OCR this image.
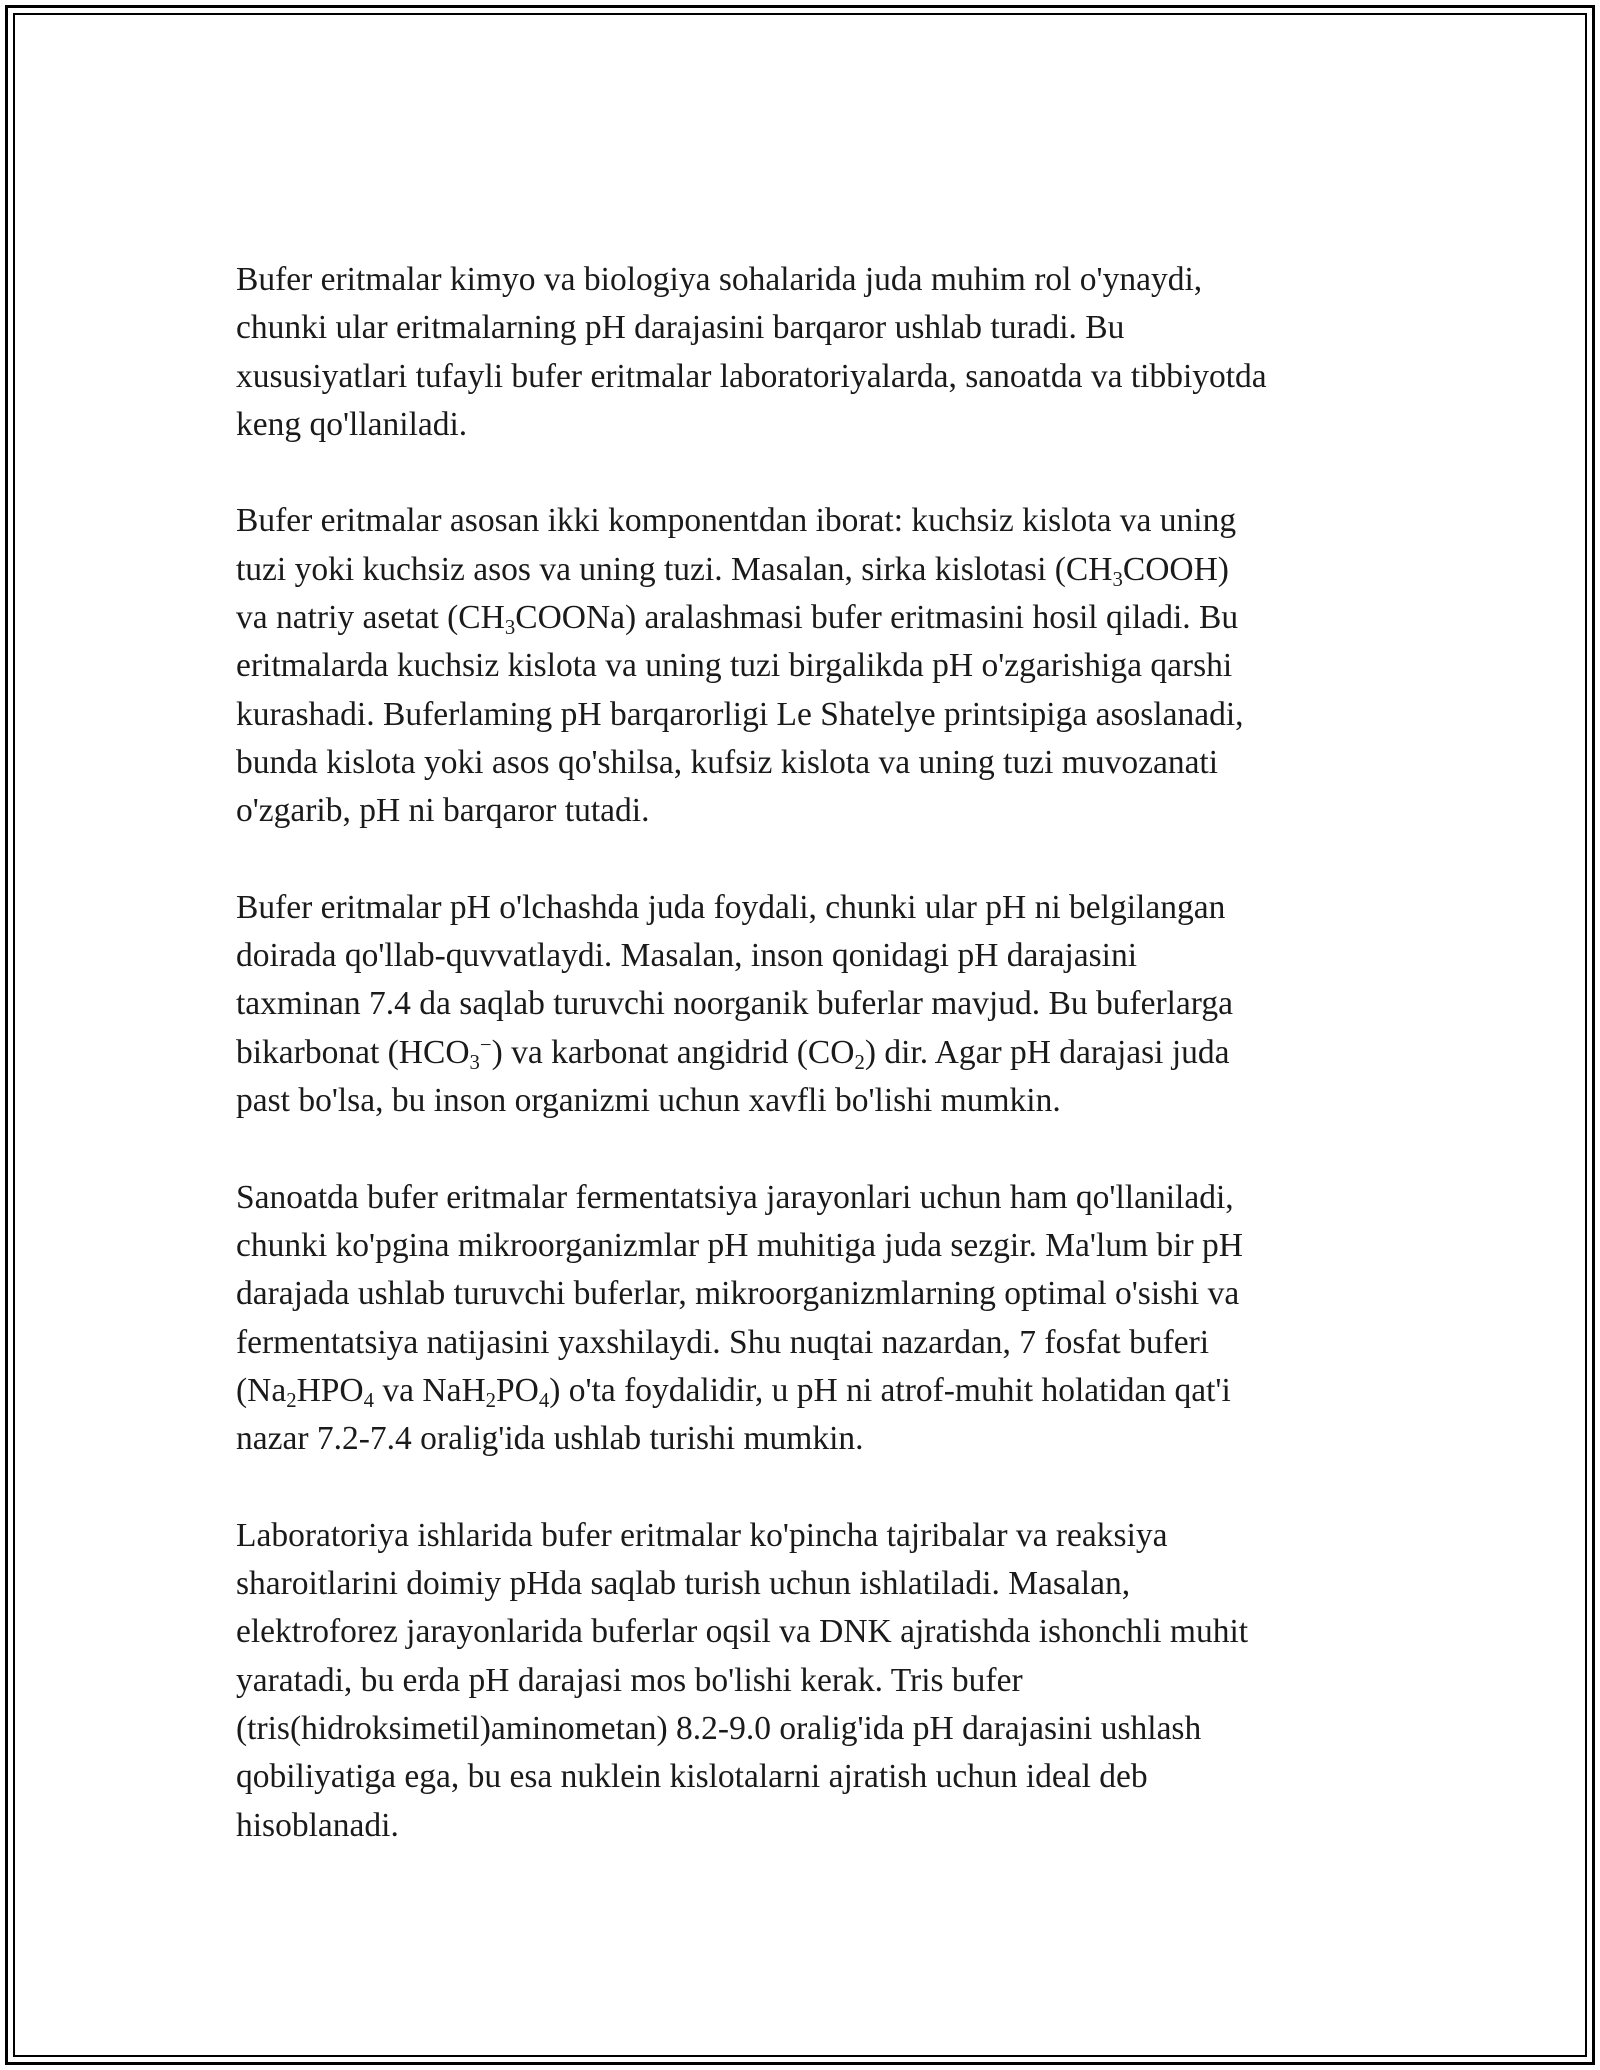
Bufer eritmalar kimyo va biologiya sohalarida juda muhim rol o'ynaydi,
chunki ular eritmalarning pH darajasini barqaror ushlab turadi. Bu
xususiyatlari tufayli bufer eritmalar laboratoriyalarda, sanoatda va tibbiyotda
keng qo'llaniladi.

Bufer eritmalar asosan ikki komponentdan iborat: kuchsiz kislota va uning
tuzi yoki kuchsiz asos va uning tuzi. Masalan, sirka kislotasi $(CH_3COOH)$
va natriy asetat $(CH_3COONa)$ aralashmasi bufer eritmasini hosil qiladi. Bu
eritmalarda kuchsiz kislota va uning tuzi birgalikda pH o'zgarishiga qarshi
kurashadi. Buferlaming pH barqarorligi Le Shatelye printsipiga asoslanadi,
bunda kislota yoki asos qo'shilsa, kufsiz kislota va uning tuzi muvozanati
o'zgarib, pH ni barqaror tutadi.

Bufer eritmalar pH o'lchashda juda foydali, chunki ular pH ni belgilangan
doirada qo'llab-quvvatlaydi. Masalan, inson qonidagi pH darajasini
taxminan 7.4 da saqlab turuvchi noorganik buferlar mavjud. Bu buferlarga
bikarbonat $(HCO_3^-)$ va karbonat angidrid $(CO_2)$ dir. Agar pH darajasi juda
past bo'lsa, bu inson organizmi uchun xavfli bo'lishi mumkin.

Sanoatda bufer eritmalar fermentatsiya jarayonlari uchun ham qo'llaniladi,
chunki ko'pgina mikroorganizmlar pH muhitiga juda sezgir. Ma'lum bir pH
darajada ushlab turuvchi buferlar, mikroorganizmlarning optimal o'sishi va
fermentatsiya natijasini yaxshilaydi. Shu nuqtai nazardan, 7 fosfat buferi
($Na_2HPO_4$ va $NaH_2PO_4$) o'ta foydalidir, u pH ni atrof-muhit holatidan qat'i
nazar 7.2-7.4 oralig'ida ushlab turishi mumkin.

Laboratoriya ishlarida bufer eritmalar ko'pincha tajribalar va reaksiya
sharoitlarini doimiy pHda saqlab turish uchun ishlatiladi. Masalan,
elektroforez jarayonlarida buferlar oqsil va DNK ajratishda ishonchli muhit
yaratadi, bu erda pH darajasi mos bo'lishi kerak. Tris bufer
(tris(hidroksimetil)aminometan) 8.2-9.0 oralig'ida pH darajasini ushlash
qobiliyatiga ega, bu esa nuklein kislotalarni ajratish uchun ideal deb
hisoblanadi.
